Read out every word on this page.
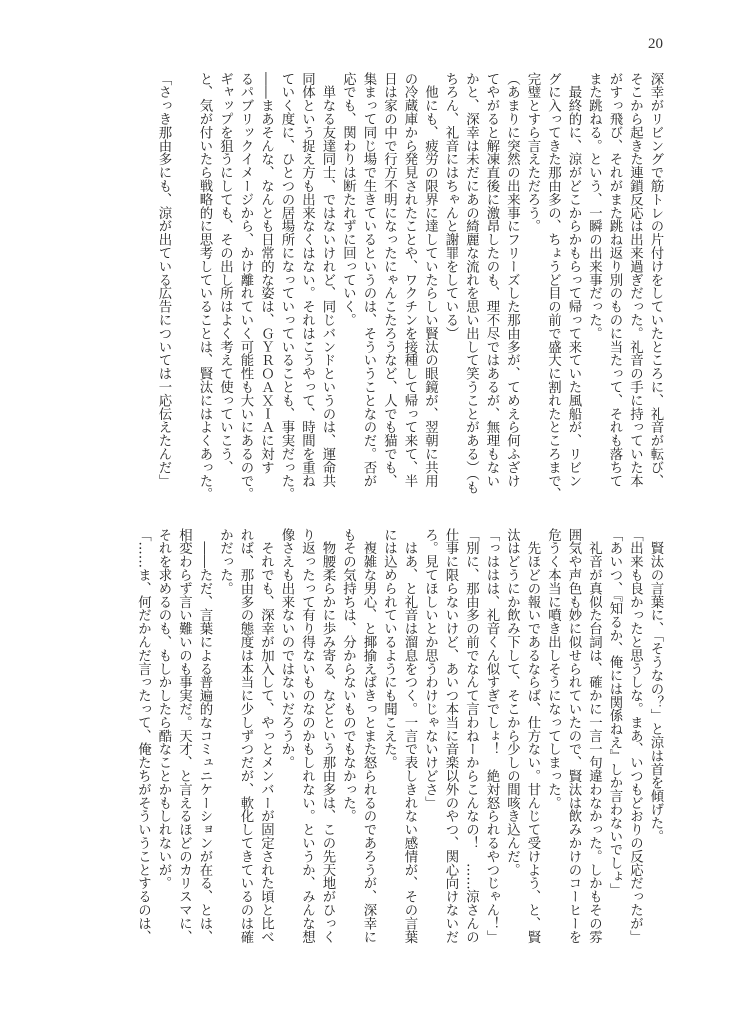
20
深幸がリビングで筋トレの片付けをしていたところに、礼音が転び、
そこから起きた連鎖反応は出来過ぎだった。礼音の手に持っていた本
がすっ飛び、それがまた跳ね返り別のものに当たって、それも落ちて
また跳ねる。という、一瞬の出来事だった。
　最終的に、涼がどこからかもらって帰って来ていた風船が、リビン
グに入ってきた那由多の、ちょうど目の前で盛大に割れたところまで、
完璧とすら言えただろう。
（あまりに突然の出来事にフリーズした那由多が、てめえら何ふざけ
てやがると解凍直後に激昂したのも、理不尽ではあるが、無理もない
かと、深幸は未だにあの綺麗な流れを思い出して笑うことがある）（も
ちろん、礼音にはちゃんと謝罪をしている）
　他にも、疲労の限界に達していたらしい賢汰の眼鏡が、翌朝に共用
の冷蔵庫から発見されたことや、ワクチンを接種して帰って来て、半
日は家の中で行方不明になったにゃんこたろうなど、人でも猫でも、
集まって同じ場で生きているというのは、そういうことなのだ。否が
応でも、関わりは断たれずに回っていく。
　単なる友達同士、ではないけれど、同じバンドというのは、運命共
同体という捉え方も出来なくはない。それはこうやって、時間を重ね
ていく度に、ひとつの居場所になっていっていることも、事実だった。
――まあそんな、なんとも日常的な姿は、ＧＹＲＯＡＸＩＡに対す
るパブリックイメージから、かけ離れていく可能性も大いにあるので。
ギャップを狙うにしても、その出し所はよく考えて使っていこう、
と、気が付いたら戦略的に思考していることは、賢汰にはよくあった。
「さっき那由多にも、涼が出ている広告については一応伝えたんだ」
　賢汰の言葉に、「そうなの？」と涼は首を傾げた。
「出来も良かったと思うしな。まあ、いつもどおりの反応だったが」
「あいつ、『知るか、俺には関係ねえ』しか言わないでしょ」
　礼音が真似た台詞は、確かに一言一句違わなかった。しかもその雰
囲気や声色も妙に似せられていたので、賢汰は飲みかけのコーヒーを
危うく本当に噴き出しそうになってしまった。
　先ほどの報いであるならば、仕方ない。甘んじて受けよう、と、賢
汰はどうにか飲み下して、そこから少しの間咳き込んだ。
「っははは、礼音くん似すぎでしょ！　絶対怒られるやつじゃん！」
「別に、那由多の前でなんて言わねーからこんなの！　……涼さんの
仕事に限らないけど、あいつ本当に音楽以外のやつ、関心向けないだ
ろ。見てほしいとか思うわけじゃないけどさ」
　はあ、と礼音は溜息をつく。一言で表しきれない感情が、その言葉
には込められているようにも聞こえた。
　複雑な男心、と揶揄えばきっとまた怒られるのであろうが、深幸に
もその気持ちは、分からないものでもなかった。
　物腰柔らかに歩み寄る、などという那由多は、この先天地がひっく
り返ったって有り得ないものなのかもしれない。というか、みんな想
像さえも出来ないのではないだろうか。
　それでも、深幸が加入して、やっとメンバーが固定された頃と比べ
れば、那由多の態度は本当に少しずつだが、軟化してきているのは確
かだった。
　――ただ、言葉による普遍的なコミュニケーションが在る、とは、
相変わらず言い難いのも事実だ。天才、と言えるほどのカリスマに、
それを求めるのも、もしかしたら酷なことかもしれないが。
「……ま、何だかんだ言ったって、俺たちがそういうことするのは、
